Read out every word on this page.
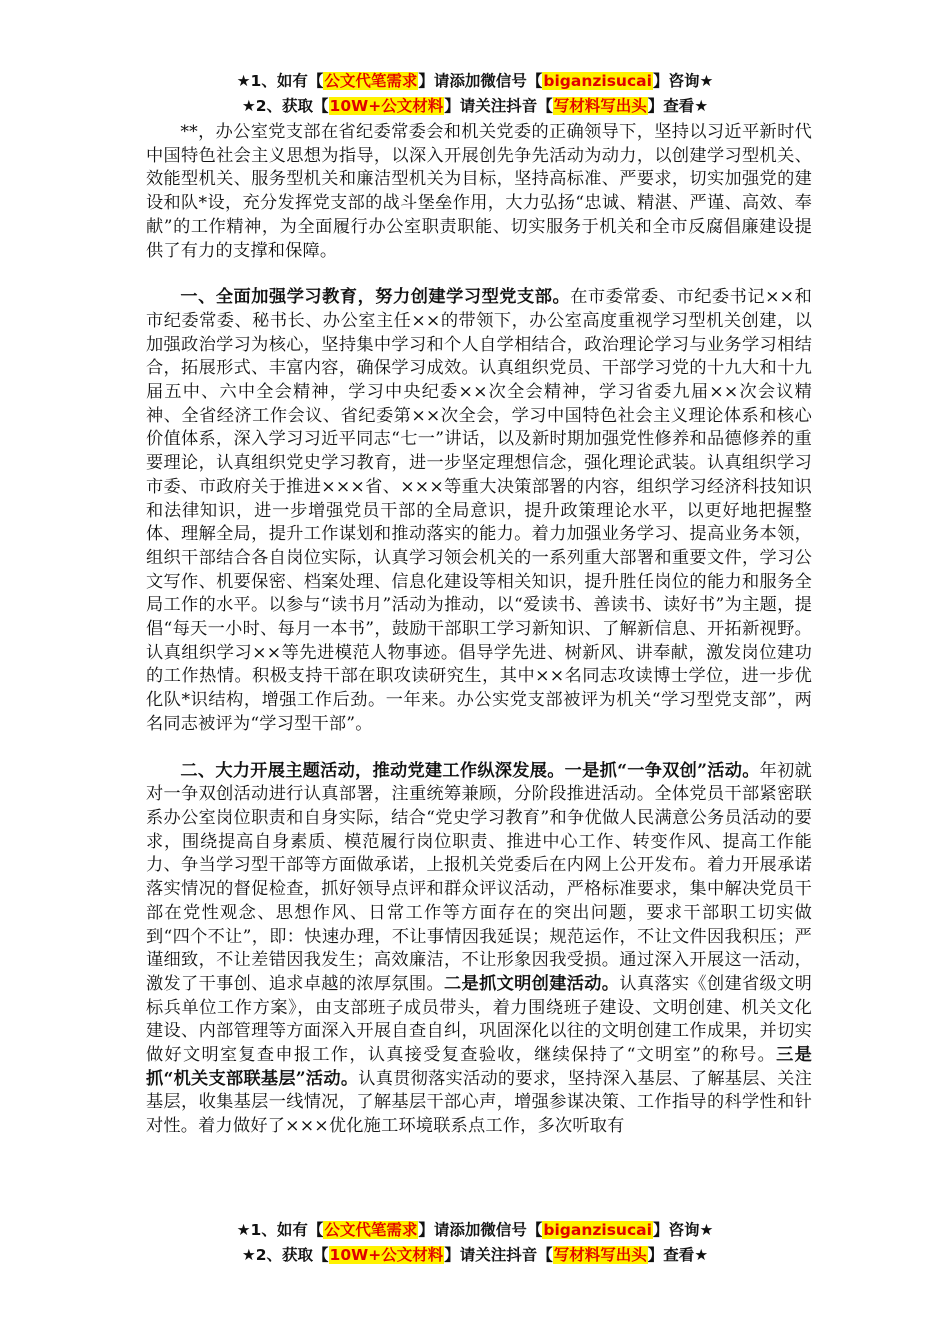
★1、如有【公文代笔需求】请添加微信号【biganzisucai】咨询★
★2、获取【10W+公文材料】请关注抖音【写材料写出头】查看★

**，办公室党支部在省纪委常委会和机关党委的正确领导下，坚持以习近平新时代中国特色社会主义思想为指导，以深入开展创先争先活动为动力，以创建学习型机关、效能型机关、服务型机关和廉洁型机关为目标，坚持高标准、严要求，切实加强党的建设和队*设，充分发挥党支部的战斗堡垒作用，大力弘扬“忠诚、精湛、严谨、高效、奉献”的工作精神，为全面履行办公室职责职能、切实服务于机关和全市反腐倡廉建设提供了有力的支撑和保障。

一、全面加强学习教育，努力创建学习型党支部。在市委常委、市纪委书记××和市纪委常委、秘书长、办公室主任××的带领下，办公室高度重视学习型机关创建，以加强政治学习为核心，坚持集中学习和个人自学相结合，政治理论学习与业务学习相结合，拓展形式、丰富内容，确保学习成效。认真组织党员、干部学习党的十九大和十九届五中、六中全会精神，学习中央纪委××次全会精神，学习省委九届××次会议精神、全省经济工作会议、省纪委第××次全会，学习中国特色社会主义理论体系和核心价值体系，深入学习习近平同志“七一”讲话，以及新时期加强党性修养和品德修养的重要理论，认真组织党史学习教育，进一步坚定理想信念，强化理论武装。认真组织学习市委、市政府关于推进×××省、×××等重大决策部署的内容，组织学习经济科技知识和法律知识，进一步增强党员干部的全局意识，提升政策理论水平，以更好地把握整体、理解全局，提升工作谋划和推动落实的能力。着力加强业务学习、提高业务本领，组织干部结合各自岗位实际，认真学习领会机关的一系列重大部署和重要文件，学习公文写作、机要保密、档案处理、信息化建设等相关知识，提升胜任岗位的能力和服务全局工作的水平。以参与“读书月”活动为推动，以“爱读书、善读书、读好书”为主题，提倡“每天一小时、每月一本书”，鼓励干部职工学习新知识、了解新信息、开拓新视野。认真组织学习××等先进模范人物事迹。倡导学先进、树新风、讲奉献，激发岗位建功的工作热情。积极支持干部在职攻读研究生，其中××名同志攻读博士学位，进一步优化队*识结构，增强工作后劲。一年来。办公实党支部被评为机关“学习型党支部”，两名同志被评为“学习型干部”。

二、大力开展主题活动，推动党建工作纵深发展。一是抓“一争双创”活动。年初就对一争双创活动进行认真部署，注重统筹兼顾，分阶段推进活动。全体党员干部紧密联系办公室岗位职责和自身实际，结合“党史学习教育”和争优做人民满意公务员活动的要求，围绕提高自身素质、模范履行岗位职责、推进中心工作、转变作风、提高工作能力、争当学习型干部等方面做承诺，上报机关党委后在内网上公开发布。着力开展承诺落实情况的督促检查，抓好领导点评和群众评议活动，严格标准要求，集中解决党员干部在党性观念、思想作风、日常工作等方面存在的突出问题，要求干部职工切实做到“四个不让”，即：快速办理，不让事情因我延误；规范运作，不让文件因我积压；严谨细致，不让差错因我发生；高效廉洁，不让形象因我受损。通过深入开展这一活动，激发了干事创、追求卓越的浓厚氛围。二是抓文明创建活动。认真落实《创建省级文明标兵单位工作方案》，由支部班子成员带头，着力围绕班子建设、文明创建、机关文化建设、内部管理等方面深入开展自查自纠，巩固深化以往的文明创建工作成果，并切实做好文明室复查申报工作，认真接受复查验收，继续保持了“文明室”的称号。三是抓“机关支部联基层”活动。认真贯彻落实活动的要求，坚持深入基层、了解基层、关注基层，收集基层一线情况，了解基层干部心声，增强参谋决策、工作指导的科学性和针对性。着力做好了×××优化施工环境联系点工作，多次听取有

★1、如有【公文代笔需求】请添加微信号【biganzisucai】咨询★
★2、获取【10W+公文材料】请关注抖音【写材料写出头】查看★
